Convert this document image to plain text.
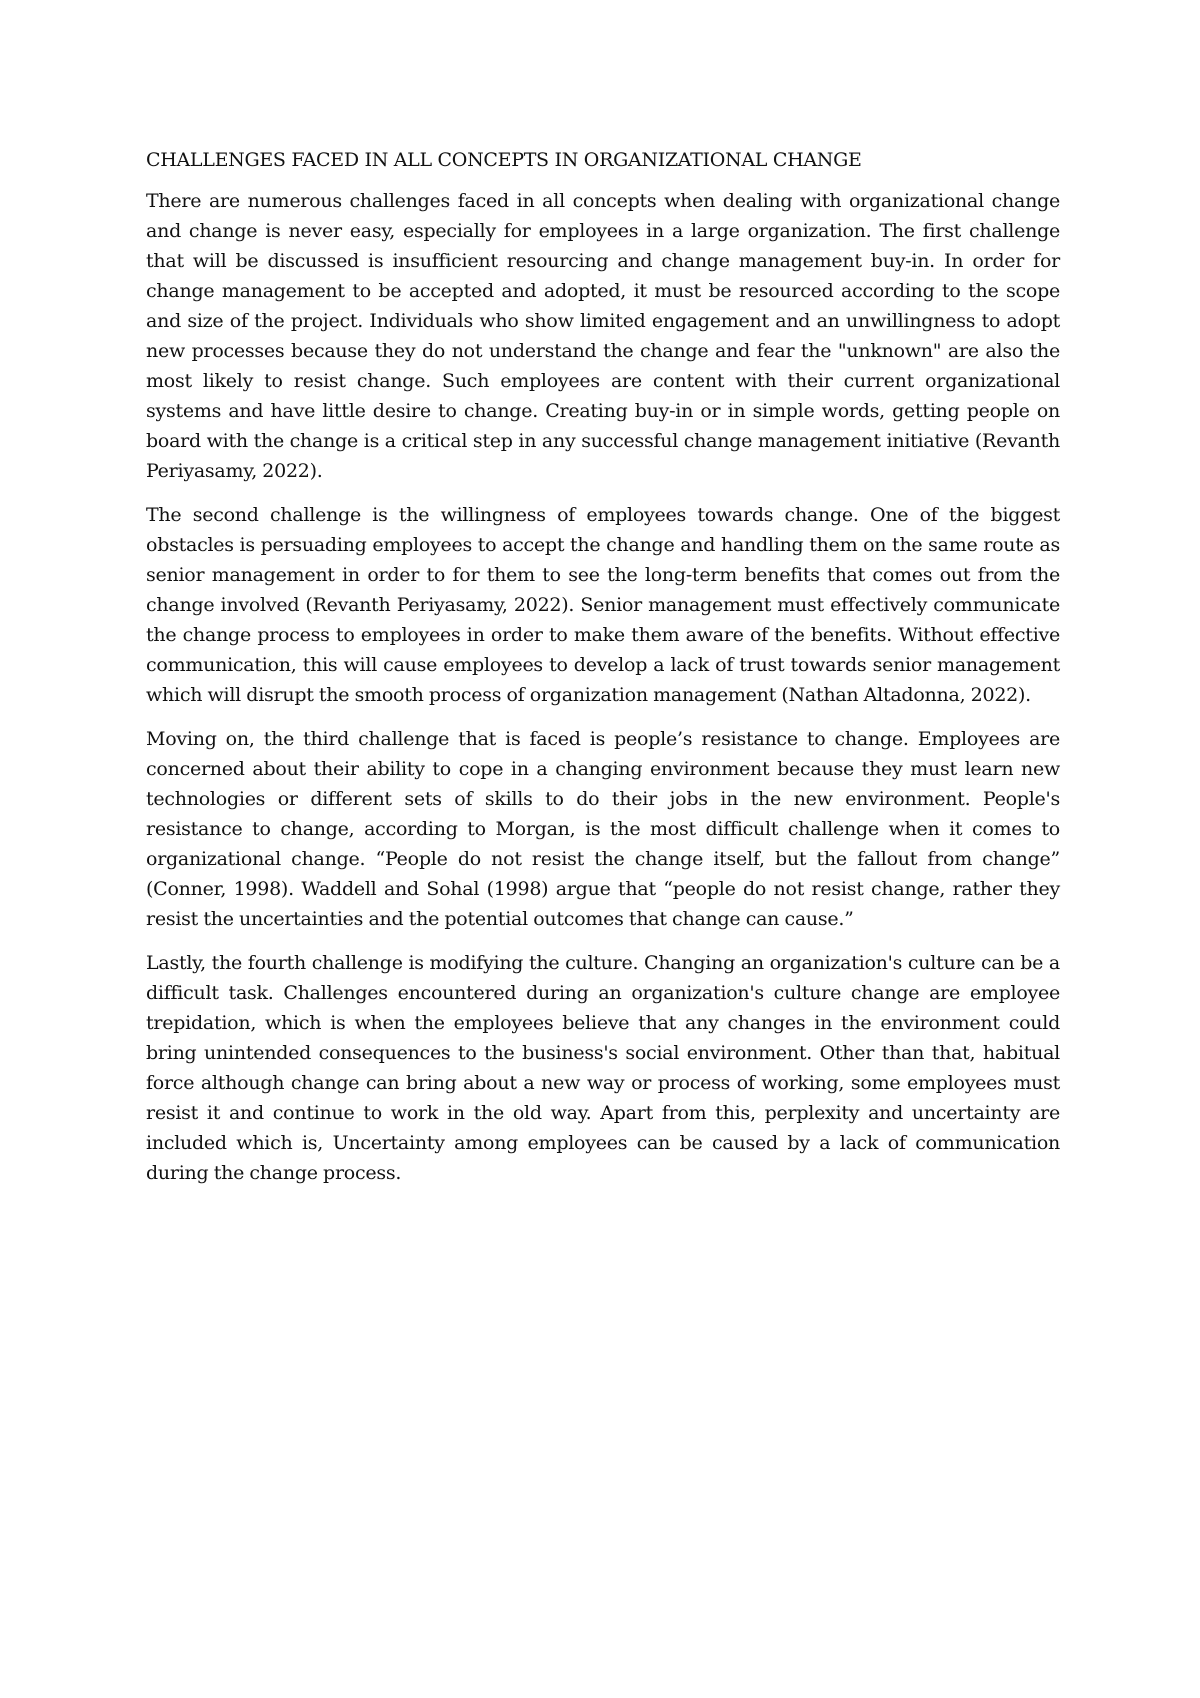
CHALLENGES FACED IN ALL CONCEPTS IN ORGANIZATIONAL CHANGE

There are numerous challenges faced in all concepts when dealing with organizational change and change is never easy, especially for employees in a large organization. The first challenge that will be discussed is insufficient resourcing and change management buy-in. In order for change management to be accepted and adopted, it must be resourced according to the scope and size of the project. Individuals who show limited engagement and an unwillingness to adopt new processes because they do not understand the change and fear the "unknown" are also the most likely to resist change. Such employees are content with their current organizational systems and have little desire to change. Creating buy-in or in simple words, getting people on board with the change is a critical step in any successful change management initiative (Revanth Periyasamy, 2022).

The second challenge is the willingness of employees towards change. One of the biggest obstacles is persuading employees to accept the change and handling them on the same route as senior management in order to for them to see the long-term benefits that comes out from the change involved (Revanth Periyasamy, 2022). Senior management must effectively communicate the change process to employees in order to make them aware of the benefits. Without effective communication, this will cause employees to develop a lack of trust towards senior management which will disrupt the smooth process of organization management (Nathan Altadonna, 2022).

Moving on, the third challenge that is faced is people’s resistance to change. Employees are concerned about their ability to cope in a changing environment because they must learn new technologies or different sets of skills to do their jobs in the new environment. People's resistance to change, according to Morgan, is the most difficult challenge when it comes to organizational change. “People do not resist the change itself, but the fallout from change” (Conner, 1998). Waddell and Sohal (1998) argue that “people do not resist change, rather they resist the uncertainties and the potential outcomes that change can cause.”

Lastly, the fourth challenge is modifying the culture. Changing an organization's culture can be a difficult task. Challenges encountered during an organization's culture change are employee trepidation, which is when the employees believe that any changes in the environment could bring unintended consequences to the business's social environment. Other than that, habitual force although change can bring about a new way or process of working, some employees must resist it and continue to work in the old way. Apart from this, perplexity and uncertainty are included which is, Uncertainty among employees can be caused by a lack of communication during the change process.
